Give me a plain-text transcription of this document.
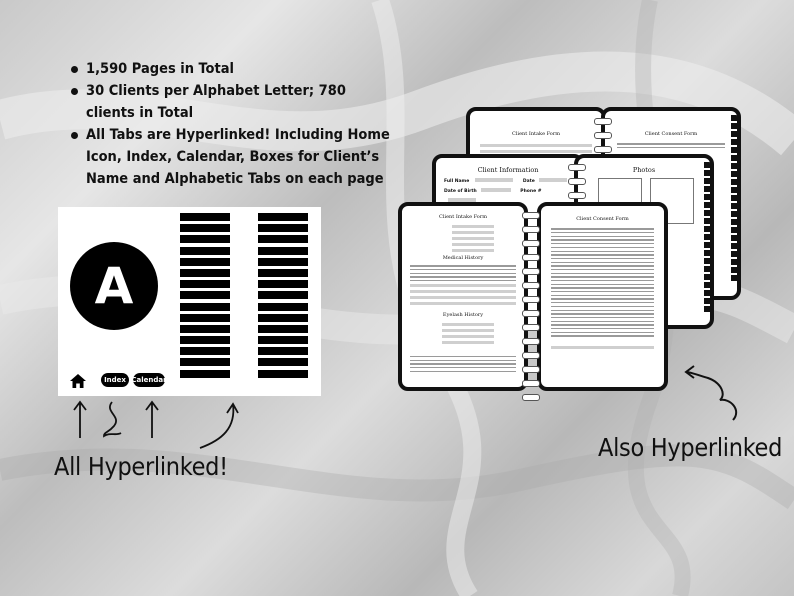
1,590 Pages in Total
30 Clients per Alphabet Letter; 780 clients in Total
All Tabs are Hyperlinked! Including Home Icon, Index, Calendar, Boxes for Client’s Name and Alphabetic Tabs on each page
A
Index Calendar
All Hyperlinked!
Also Hyperlinked
Client Intake Form	Client Consent Form
Client Information
Full Name	Date
Date of Birth	Phone #
Photos
Client Intake Form
Medical History
Eyelash History
Client Consent Form
